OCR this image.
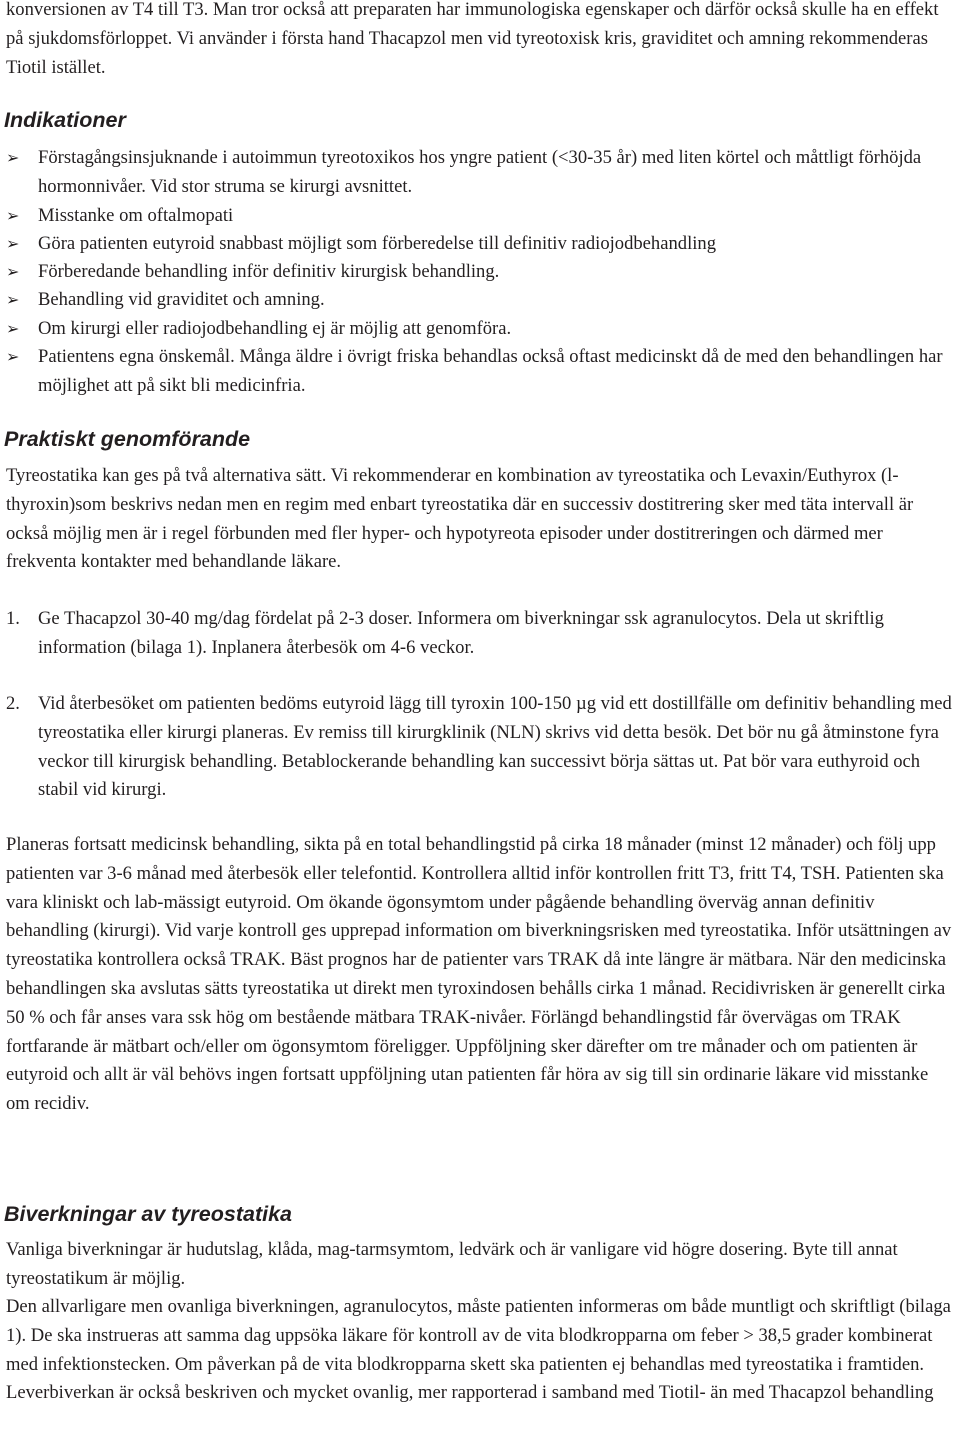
konversionen av T4 till T3. Man tror också att preparaten har immunologiska egenskaper och därför också skulle ha en effekt på sjukdomsförloppet. Vi använder i första hand Thacapzol men vid tyreotoxisk kris, graviditet och amning rekommenderas Tiotil istället.

Indikationer
➢ Förstagångsinsjuknande i autoimmun tyreotoxikos hos yngre patient (<30-35 år) med liten körtel och måttligt förhöjda hormonnivåer. Vid stor struma se kirurgi avsnittet.
➢ Misstanke om oftalmopati
➢ Göra patienten eutyroid snabbast möjligt som förberedelse till definitiv radiojodbehandling
➢ Förberedande behandling inför definitiv kirurgisk behandling.
➢ Behandling vid graviditet och amning.
➢ Om kirurgi eller radiojodbehandling ej är möjlig att genomföra.
➢ Patientens egna önskemål. Många äldre i övrigt friska behandlas också oftast medicinskt då de med den behandlingen har möjlighet att på sikt bli medicinfria.
Praktiskt genomförande

Tyreostatika kan ges på två alternativa sätt. Vi rekommenderar en kombination av tyreostatika och Levaxin/Euthyrox (l-thyroxin)som beskrivs nedan men en regim med enbart tyreostatika där en successiv dostitrering sker med täta intervall är också möjlig men är i regel förbunden med fler hyper- och hypotyreota episoder under dostitreringen och därmed mer frekventa kontakter med behandlande läkare.

1. Ge Thacapzol 30-40 mg/dag fördelat på 2-3 doser. Informera om biverkningar ssk agranulocytos. Dela ut skriftlig information (bilaga 1). Inplanera återbesök om 4-6 veckor.
2. Vid återbesöket om patienten bedöms eutyroid lägg till tyroxin 100-150 µg vid ett dostillfälle om definitiv behandling med tyreostatika eller kirurgi planeras. Ev remiss till kirurgklinik (NLN) skrivs vid detta besök. Det bör nu gå åtminstone fyra veckor till kirurgisk behandling. Betablockerande behandling kan successivt börja sättas ut. Pat bör vara euthyroid och stabil vid kirurgi.

Planeras fortsatt medicinsk behandling, sikta på en total behandlingstid på cirka 18 månader (minst 12 månader) och följ upp patienten var 3-6 månad med återbesök eller telefontid. Kontrollera alltid inför kontrollen fritt T3, fritt T4, TSH. Patienten ska vara kliniskt och lab-mässigt eutyroid. Om ökande ögonsymtom under pågående behandling överväg annan definitiv behandling (kirurgi). Vid varje kontroll ges upprepad information om biverkningsrisken med tyreostatika. Inför utsättningen av tyreostatika kontrollera också TRAK. Bäst prognos har de patienter vars TRAK då inte längre är mätbara. När den medicinska behandlingen ska avslutas sätts tyreostatika ut direkt men tyroxindosen behålls cirka 1 månad. Recidivrisken är generellt cirka 50 % och får anses vara ssk hög om bestående mätbara TRAK-nivåer. Förlängd behandlingstid får övervägas om TRAK fortfarande är mätbart och/eller om ögonsymtom föreligger. Uppföljning sker därefter om tre månader och om patienten är eutyroid och allt är väl behövs ingen fortsatt uppföljning utan patienten får höra av sig till sin ordinarie läkare vid misstanke om recidiv.

Biverkningar av tyreostatika

Vanliga biverkningar är hudutslag, klåda, mag-tarmsymtom, ledvärk och är vanligare vid högre dosering. Byte till annat tyreostatikum är möjlig.

Den allvarligare men ovanliga biverkningen, agranulocytos, måste patienten informeras om både muntligt och skriftligt (bilaga 1). De ska instrueras att samma dag uppsöka läkare för kontroll av de vita blodkropparna om feber > 38,5 grader kombinerat med infektionstecken. Om påverkan på de vita blodkropparna skett ska patienten ej behandlas med tyreostatika i framtiden. Leverbiverkan är också beskriven och mycket ovanlig, mer rapporterad i samband med Tiotil- än med Thacapzol behandling
